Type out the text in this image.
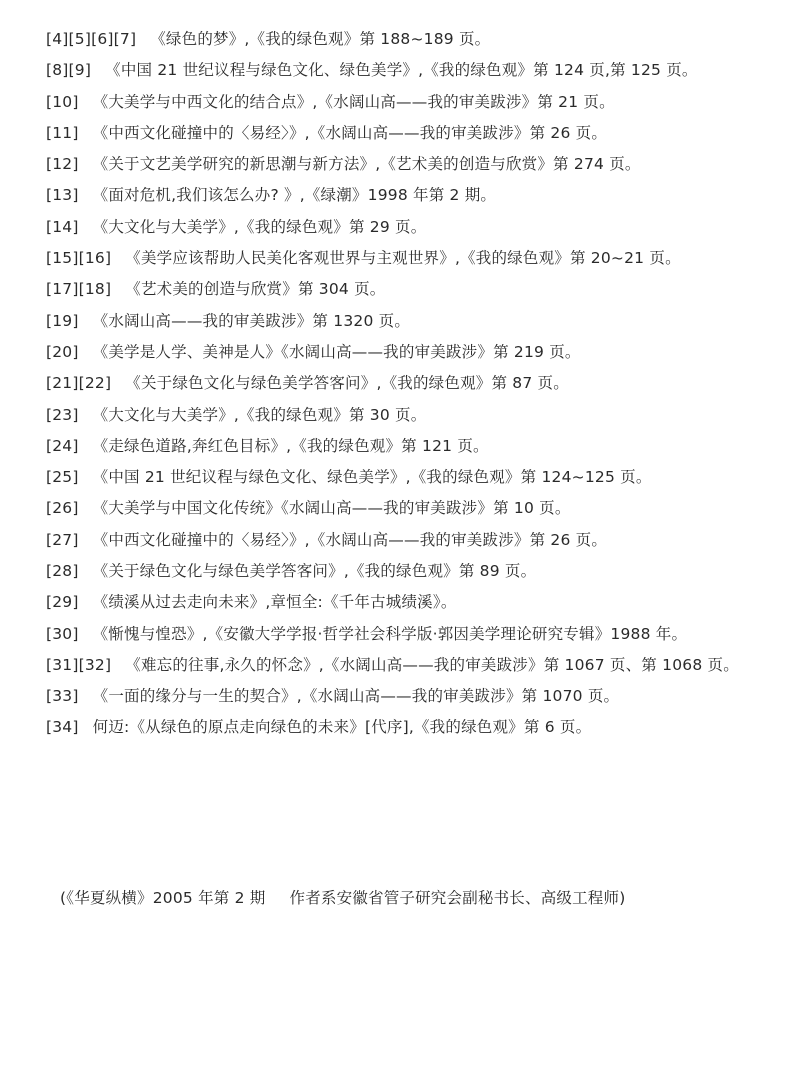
[4][5][6][7] 《绿色的梦》,《我的绿色观》第 188~189 页。
[8][9] 《中国 21 世纪议程与绿色文化、绿色美学》,《我的绿色观》第 124 页,第 125 页。
[10] 《大美学与中西文化的结合点》,《水阔山高——我的审美跋涉》第 21 页。
[11] 《中西文化碰撞中的〈易经〉》,《水阔山高——我的审美跋涉》第 26 页。
[12] 《关于文艺美学研究的新思潮与新方法》,《艺术美的创造与欣赏》第 274 页。
[13] 《面对危机,我们该怎么办? 》,《绿潮》1998 年第 2 期。
[14] 《大文化与大美学》,《我的绿色观》第 29 页。
[15][16] 《美学应该帮助人民美化客观世界与主观世界》,《我的绿色观》第 20~21 页。
[17][18] 《艺术美的创造与欣赏》第 304 页。
[19] 《水阔山高——我的审美跋涉》第 1320 页。
[20] 《美学是人学、美神是人》《水阔山高——我的审美跋涉》第 219 页。
[21][22] 《关于绿色文化与绿色美学答客问》,《我的绿色观》第 87 页。
[23] 《大文化与大美学》,《我的绿色观》第 30 页。
[24] 《走绿色道路,奔红色目标》,《我的绿色观》第 121 页。
[25] 《中国 21 世纪议程与绿色文化、绿色美学》,《我的绿色观》第 124~125 页。
[26] 《大美学与中国文化传统》《水阔山高——我的审美跋涉》第 10 页。
[27] 《中西文化碰撞中的〈易经〉》,《水阔山高——我的审美跋涉》第 26 页。
[28] 《关于绿色文化与绿色美学答客问》,《我的绿色观》第 89 页。
[29] 《绩溪从过去走向未来》,章恒全:《千年古城绩溪》。
[30] 《惭愧与惶恐》,《安徽大学学报·哲学社会科学版·郭因美学理论研究专辑》1988 年。
[31][32] 《难忘的往事,永久的怀念》,《水阔山高——我的审美跋涉》第 1067 页、第 1068 页。
[33] 《一面的缘分与一生的契合》,《水阔山高——我的审美跋涉》第 1070 页。
[34] 何迈:《从绿色的原点走向绿色的未来》[代序],《我的绿色观》第 6 页。
(《华夏纵横》2005 年第 2 期 作者系安徽省管子研究会副秘书长、高级工程师)
